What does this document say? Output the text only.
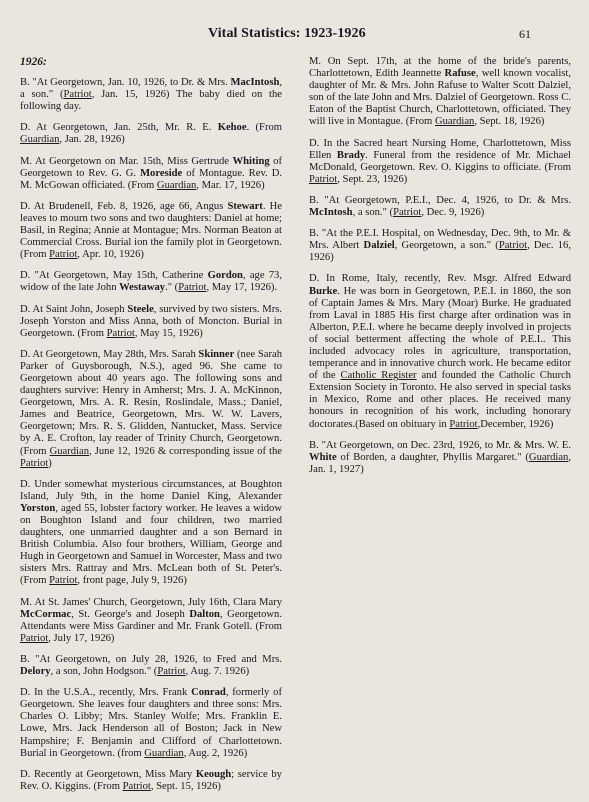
Vital Statistics: 1923-1926	61
1926:
B. "At Georgetown, Jan. 10, 1926, to Dr. & Mrs. MacIntosh, a son." (Patriot, Jan. 15, 1926) The baby died on the following day.
D. At Georgetown, Jan. 25th, Mr. R. E. Kehoe. (From Guardian, Jan. 28, 1926)
M. At Georgetown on Mar. 15th, Miss Gertrude Whiting of Georgetown to Rev. G. G. Moreside of Montague. Rev. D. M. McGowan officiated. (From Guardian, Mar. 17, 1926)
D. At Brudenell, Feb. 8, 1926, age 66, Angus Stewart. He leaves to mourn two sons and two daughters: Daniel at home; Basil, in Regina; Annie at Montague; Mrs. Norman Beaton at Commercial Cross. Burial ion the family plot in Georgetown.(From Patriot, Apr. 10, 1926)
D. "At Georgetown, May 15th, Catherine Gordon, age 73, widow of the late John Westaway." (Patriot, May 17, 1926).
D. At Saint John, Joseph Steele, survived by two sisters. Mrs. Joseph Yorston and Miss Anna, both of Moncton. Burial in Georgetown. (From Patriot, May 15, 1926)
D. At Georgetown, May 28th, Mrs. Sarah Skinner (nee Sarah Parker of Guysborough, N.S.), aged 96. She came to Georgetown about 40 years ago. The following sons and daughters survive: Henry in Amherst; Mrs. J. A. McKinnon, Georgetown, Mrs. A. R. Resin, Roslindale, Mass.; Daniel, James and Beatrice, Georgetown, Mrs. W. W. Lavers, Georgetown; Mrs. R. S. Glidden, Nantucket, Mass. Service by A. E. Crofton, lay reader of Trinity Church, Georgetown. (From Guardian, June 12, 1926 & corresponding issue of the Patriot)
D. Under somewhat mysterious circumstances, at Boughton Island, July 9th, in the home Daniel King, Alexander Yorston, aged 55, lobster factory worker. He leaves a widow on Boughton Island and four children, two married daughters, one unmarried daughter and a son Bernard in British Columbia. Also four brothers, William, George and Hugh in Georgetown and Samuel in Worcester, Mass and two sisters Mrs. Rattray and Mrs. McLean both of St. Peter's. (From Patriot, front page, July 9, 1926)
M. At St. James' Church, Georgetown, July 16th, Clara Mary McCormac, St. George's and Joseph Dalton, Georgetown. Attendants were Miss Gardiner and Mr. Frank Gotell. (From Patriot, July 17, 1926)
B. "At Georgetown, on July 28, 1926, to Fred and Mrs. Delory, a son, John Hodgson." (Patriot, Aug. 7. 1926)
D. In the U.S.A., recently, Mrs. Frank Conrad, formerly of Georgetown. She leaves four daughters and three sons: Mrs. Charles O. Libby; Mrs. Stanley Wolfe; Mrs. Franklin E. Lowe, Mrs. Jack Henderson all of Boston; Jack in New Hampshire; F. Benjamin and Clifford of Charlottetown. Burial in Georgetown. (from Guardian, Aug. 2, 1926)
D. Recently at Georgetown, Miss Mary Keough; service by Rev. O. Kiggins. (From Patriot, Sept. 15, 1926)
M. On Sept. 17th, at the home of the bride's parents, Charlottetown, Edith Jeannette Rafuse, well known vocalist, daughter of Mr. & Mrs. John Rafuse to Walter Scott Dalziel, son of the late John and Mrs. Dalziel of Georgetown. Ross C. Eaton of the Baptist Church, Charlottetown, officiated. They will live in Montague. (From Guardian, Sept. 18, 1926)
D. In the Sacred heart Nursing Home, Charlottetown, Miss Ellen Brady. Funeral from the residence of Mr. Michael McDonald, Georgetown. Rev. O. Kiggins to officiate. (From Patriot, Sept. 23, 1926)
B. "At Georgetown, P.E.I., Dec. 4, 1926, to Dr. & Mrs. McIntosh, a son." (Patriot, Dec. 9, 1926)
B. "At the P.E.I. Hospital, on Wednesday, Dec. 9th, to Mr. & Mrs. Albert Dalziel, Georgetown, a son." (Patriot, Dec. 16, 1926)
D. In Rome, Italy, recently, Rev. Msgr. Alfred Edward Burke. He was born in Georgetown, P.E.I. in 1860, the son of Captain James & Mrs. Mary (Moar) Burke. He graduated from Laval in 1885 His first charge after ordination was in Alberton, P.E.I. where he became deeply involved in projects of social betterment affecting the whole of P.E.I.. This included advocacy roles in agriculture, transportation, temperance and in innovative church work. He became editor of the Catholic Register and founded the Catholic Church Extension Society in Toronto. He also served in special tasks in Mexico, Rome and other places. He received many honours in recognition of his work, including honorary doctorates.(Based on obituary in Patriot,December, 1926)
B. "At Georgetown, on Dec. 23rd, 1926, to Mr. & Mrs. W. E. White of Borden, a daughter, Phyllis Margaret." (Guardian, Jan. 1, 1927)
